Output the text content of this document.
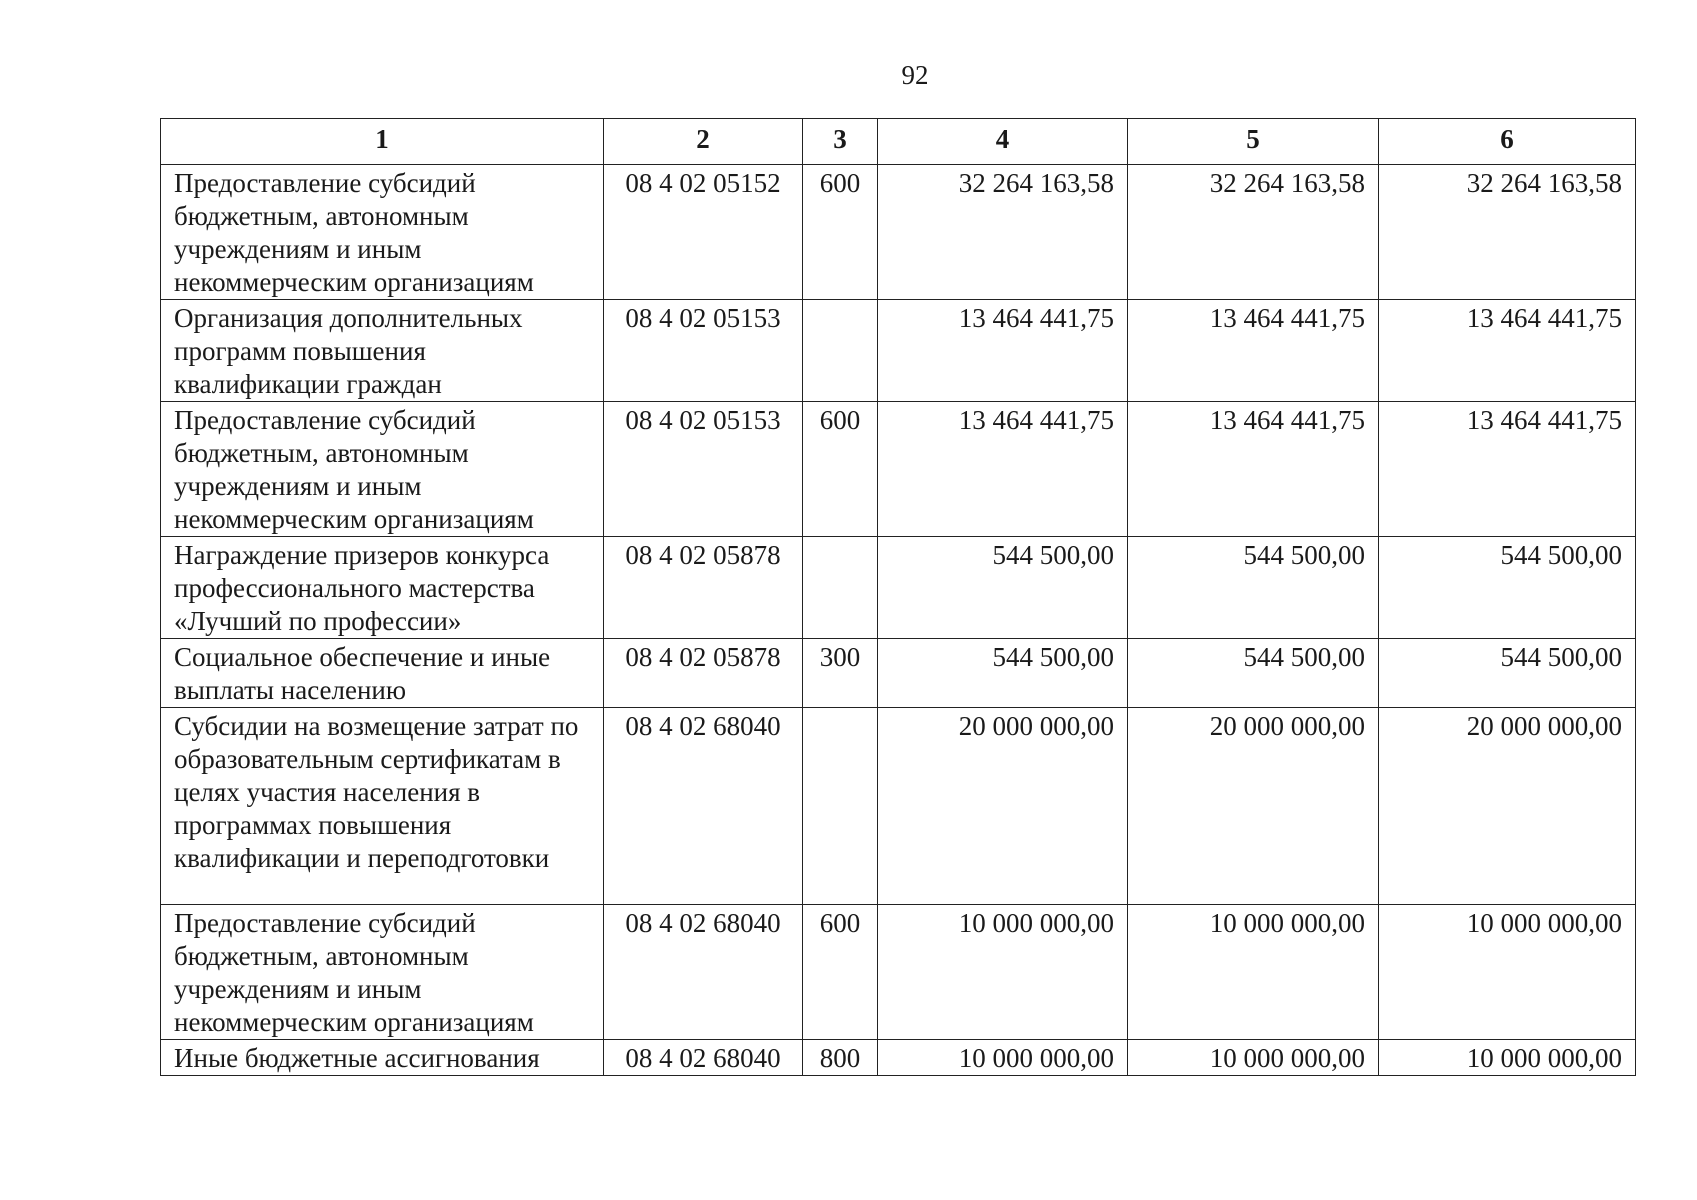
92
1	2	3	4	5	6
Предоставление субсидий бюджетным, автономным учреждениям и иным некоммерческим организациям	08 4 02 05152	600	32 264 163,58	32 264 163,58	32 264 163,58
Организация дополнительных программ повышения квалификации граждан	08 4 02 05153		13 464 441,75	13 464 441,75	13 464 441,75
Предоставление субсидий бюджетным, автономным учреждениям и иным некоммерческим организациям	08 4 02 05153	600	13 464 441,75	13 464 441,75	13 464 441,75
Награждение призеров конкурса профессионального мастерства «Лучший по профессии»	08 4 02 05878		544 500,00	544 500,00	544 500,00
Социальное обеспечение и иные выплаты населению	08 4 02 05878	300	544 500,00	544 500,00	544 500,00
Субсидии на возмещение затрат по образовательным сертификатам в целях участия населения в программах повышения квалификации и переподготовки	08 4 02 68040		20 000 000,00	20 000 000,00	20 000 000,00
Предоставление субсидий бюджетным, автономным учреждениям и иным некоммерческим организациям	08 4 02 68040	600	10 000 000,00	10 000 000,00	10 000 000,00
Иные бюджетные ассигнования	08 4 02 68040	800	10 000 000,00	10 000 000,00	10 000 000,00
